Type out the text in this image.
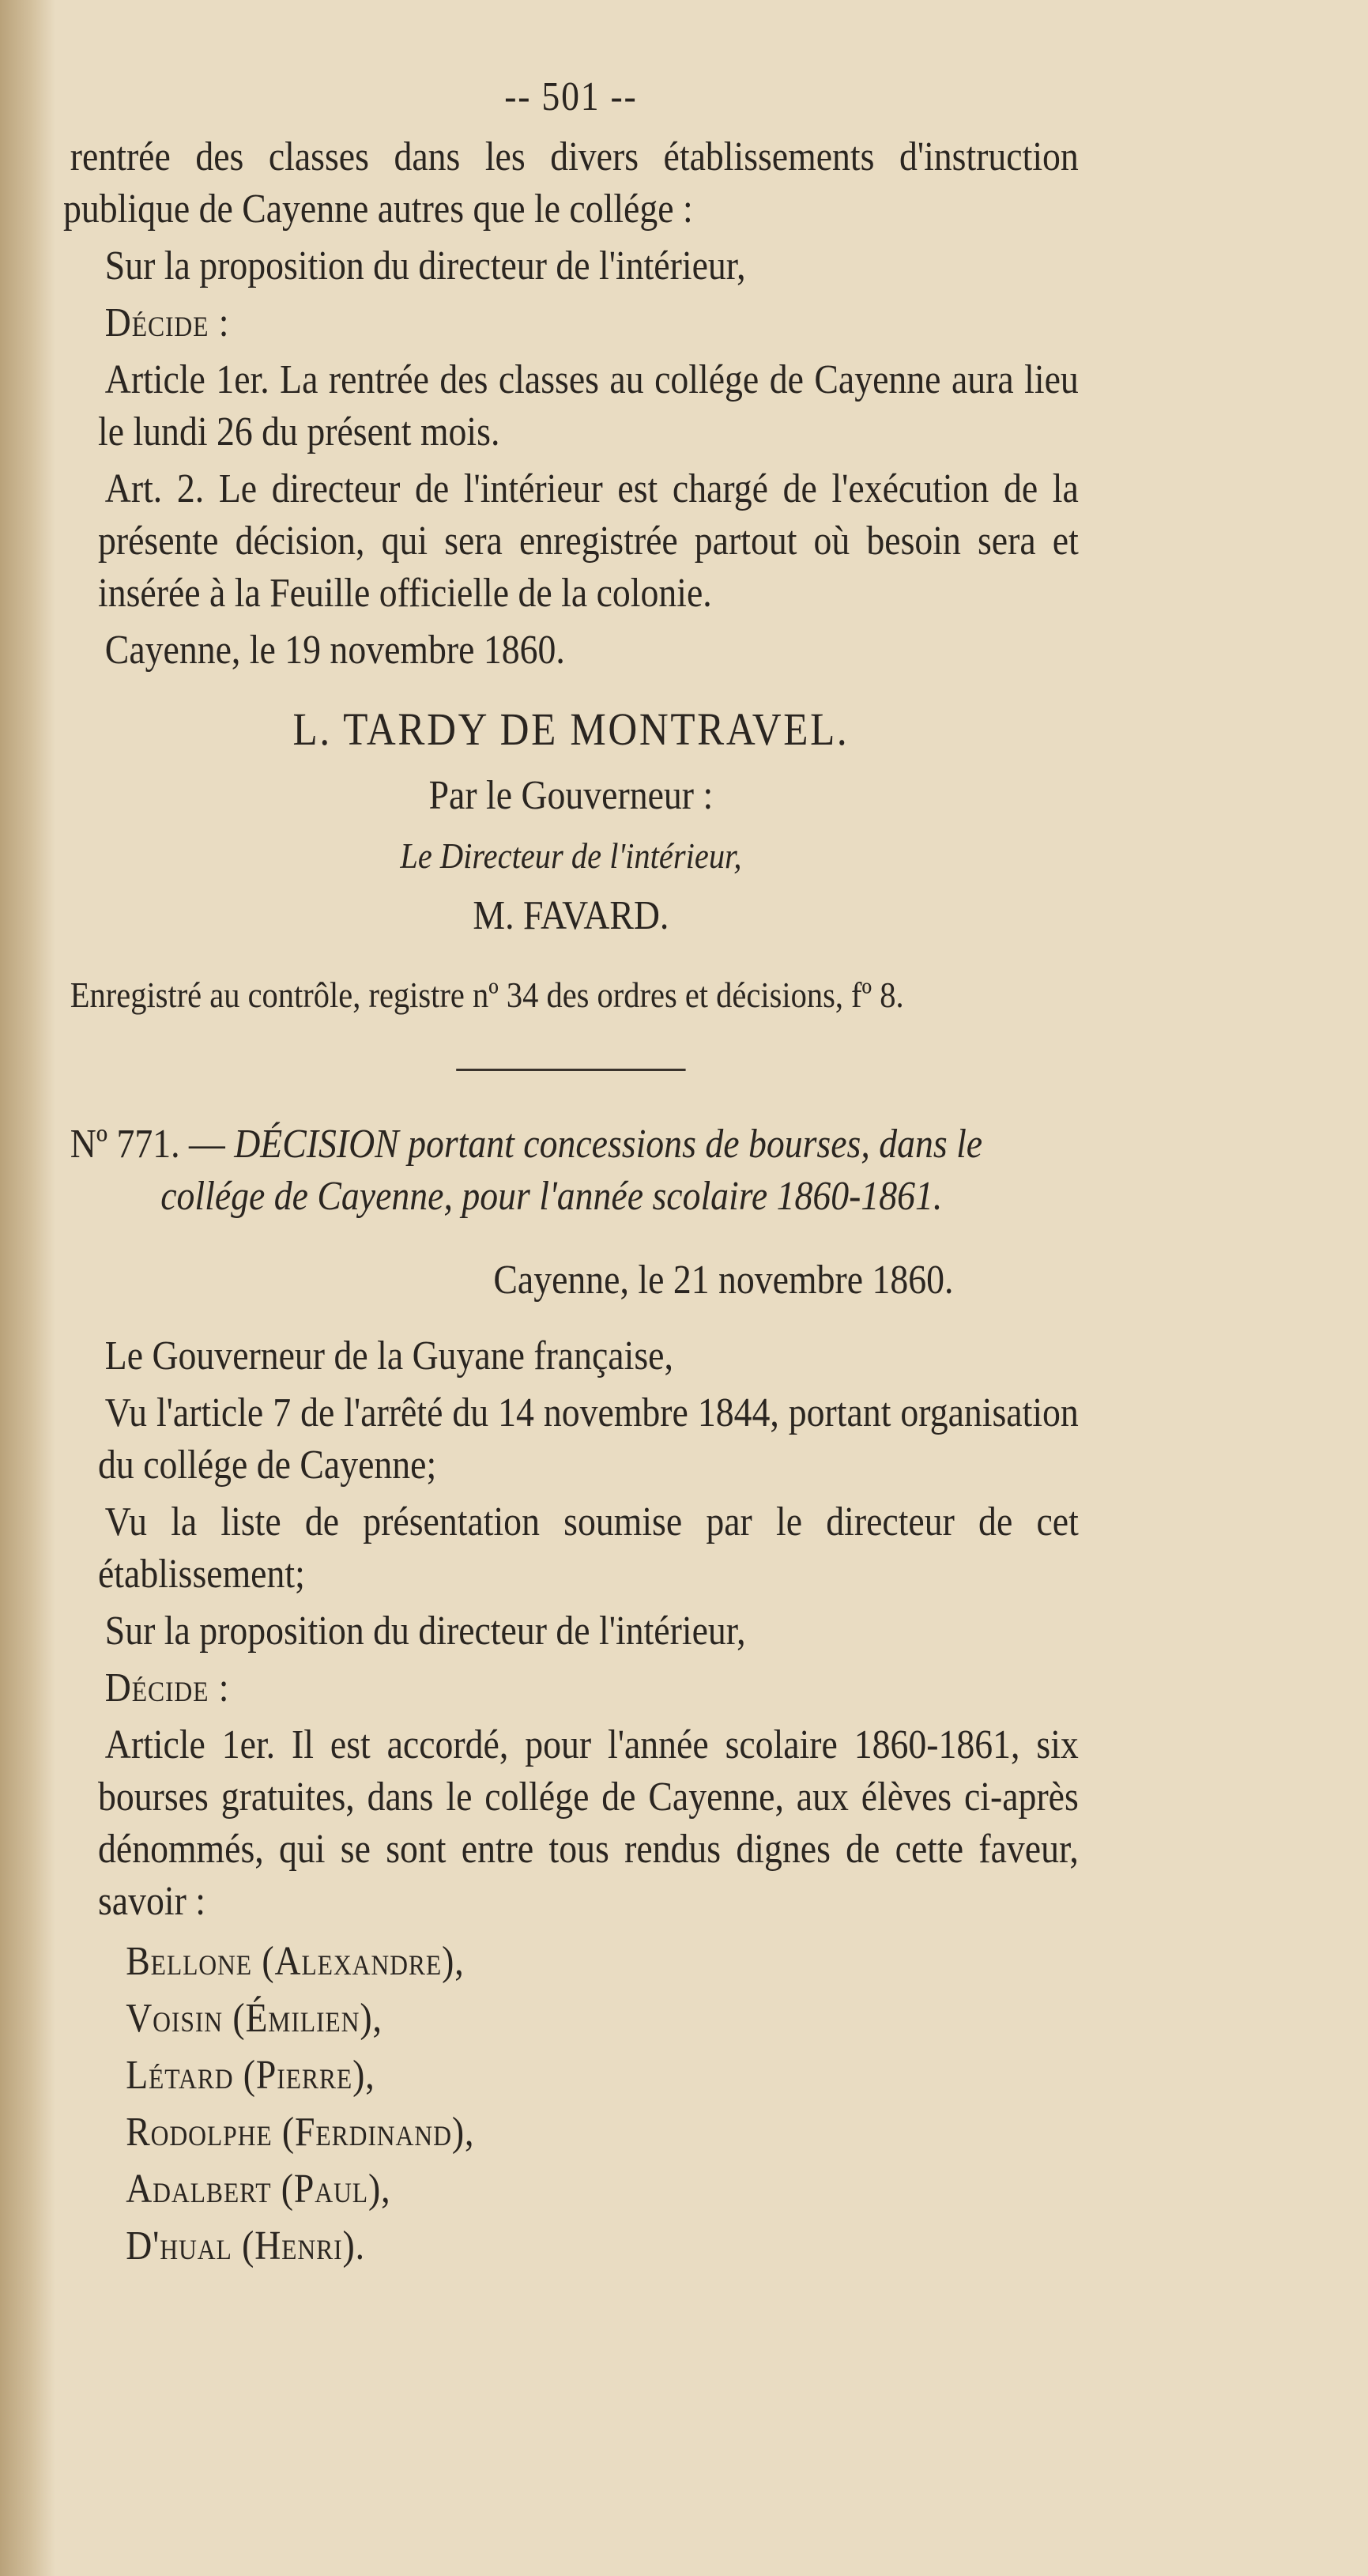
-- 501 --

rentrée des classes dans les divers établissements d'instruction publique de Cayenne autres que le collége :

Sur la proposition du directeur de l'intérieur,

Décide :

Article 1er. La rentrée des classes au collége de Cayenne aura lieu le lundi 26 du présent mois.

Art. 2. Le directeur de l'intérieur est chargé de l'exécution de la présente décision, qui sera enregistrée partout où besoin sera et insérée à la Feuille officielle de la colonie.

Cayenne, le 19 novembre 1860.

L. TARDY DE MONTRAVEL.
Par le Gouverneur :
Le Directeur de l'intérieur,
M. FAVARD.

Enregistré au contrôle, registre nº 34 des ordres et décisions, fº 8.

Nº 771. — DÉCISION portant concessions de bourses, dans le
collége de Cayenne, pour l'année scolaire 1860-1861.

Cayenne, le 21 novembre 1860.

Le Gouverneur de la Guyane française,

Vu l'article 7 de l'arrêté du 14 novembre 1844, portant organisation du collége de Cayenne;

Vu la liste de présentation soumise par le directeur de cet établissement;

Sur la proposition du directeur de l'intérieur,

Décide :

Article 1er. Il est accordé, pour l'année scolaire 1860-1861, six bourses gratuites, dans le collége de Cayenne, aux élèves ci-après dénommés, qui se sont entre tous rendus dignes de cette faveur, savoir :

Bellone (Alexandre),
Voisin (Émilien),
Létard (Pierre),
Rodolphe (Ferdinand),
Adalbert (Paul),
D'hual (Henri).
